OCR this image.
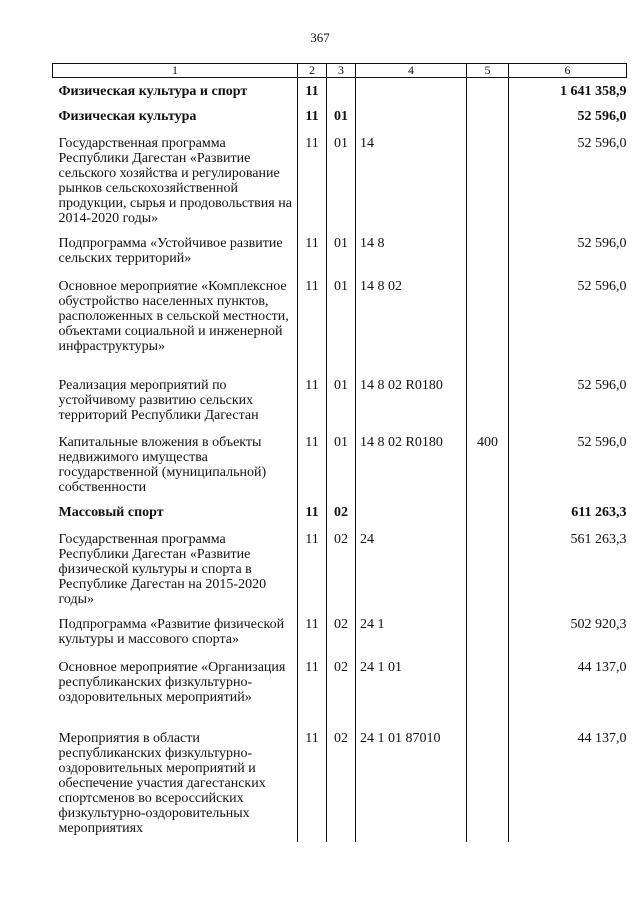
367
1	2	3	4	5	6
Физическая культура и спорт	11				1 641 358,9
Физическая культура	11	01			52 596,0
Государственная программа Республики Дагестан «Развитие сельского хозяйства и регулирование рынков сельскохозяйственной продукции, сырья и продовольствия на 2014-2020 годы»	11	01	14		52 596,0
Подпрограмма «Устойчивое развитие сельских территорий»	11	01	14 8		52 596,0
Основное мероприятие «Комплексное обустройство населенных пунктов, расположенных в сельской местности, объектами социальной и инженерной инфраструктуры»	11	01	14 8 02		52 596,0
Реализация мероприятий по устойчивому развитию сельских территорий Республики Дагестан	11	01	14 8 02 R0180		52 596,0
Капитальные вложения в объекты недвижимого имущества государственной (муниципальной) собственности	11	01	14 8 02 R0180	400	52 596,0
Массовый спорт	11	02			611 263,3
Государственная программа Республики Дагестан «Развитие физической культуры и спорта в Республике Дагестан на 2015-2020 годы»	11	02	24		561 263,3
Подпрограмма «Развитие физической культуры и массового спорта»	11	02	24 1		502 920,3
Основное мероприятие «Организация республиканских физкультурно-оздоровительных мероприятий»	11	02	24 1 01		44 137,0
Мероприятия в области республиканских физкультурно-оздоровительных мероприятий и обеспечение участия дагестанских спортсменов во всероссийских физкультурно-оздоровительных мероприятиях	11	02	24 1 01 87010		44 137,0
